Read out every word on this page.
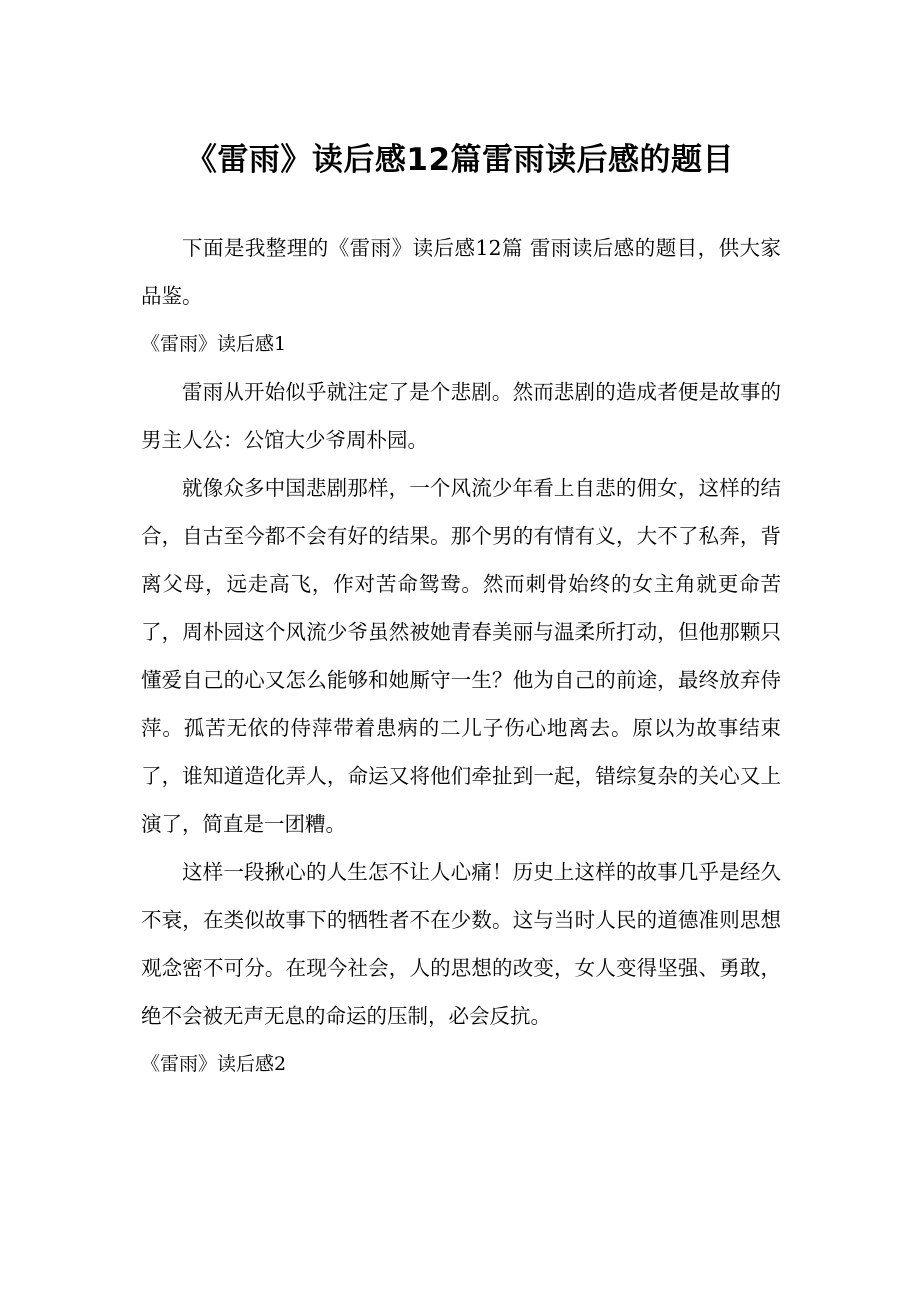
《雷雨》读后感12篇雷雨读后感的题目

下面是我整理的《雷雨》读后感12篇 雷雨读后感的题目，供大家品鉴。

《雷雨》读后感1

雷雨从开始似乎就注定了是个悲剧。然而悲剧的造成者便是故事的男主人公：公馆大少爷周朴园。

就像众多中国悲剧那样，一个风流少年看上自悲的佣女，这样的结合，自古至今都不会有好的结果。那个男的有情有义，大不了私奔，背离父母，远走高飞，作对苦命鸳鸯。然而刺骨始终的女主角就更命苦了，周朴园这个风流少爷虽然被她青春美丽与温柔所打动，但他那颗只懂爱自己的心又怎么能够和她厮守一生？他为自己的前途，最终放弃侍萍。孤苦无依的侍萍带着患病的二儿子伤心地离去。原以为故事结束了，谁知道造化弄人，命运又将他们牵扯到一起，错综复杂的关心又上演了，简直是一团糟。

这样一段揪心的人生怎不让人心痛！历史上这样的故事几乎是经久不衰，在类似故事下的牺牲者不在少数。这与当时人民的道德准则思想观念密不可分。在现今社会，人的思想的改变，女人变得坚强、勇敢，绝不会被无声无息的命运的压制，必会反抗。

《雷雨》读后感2
